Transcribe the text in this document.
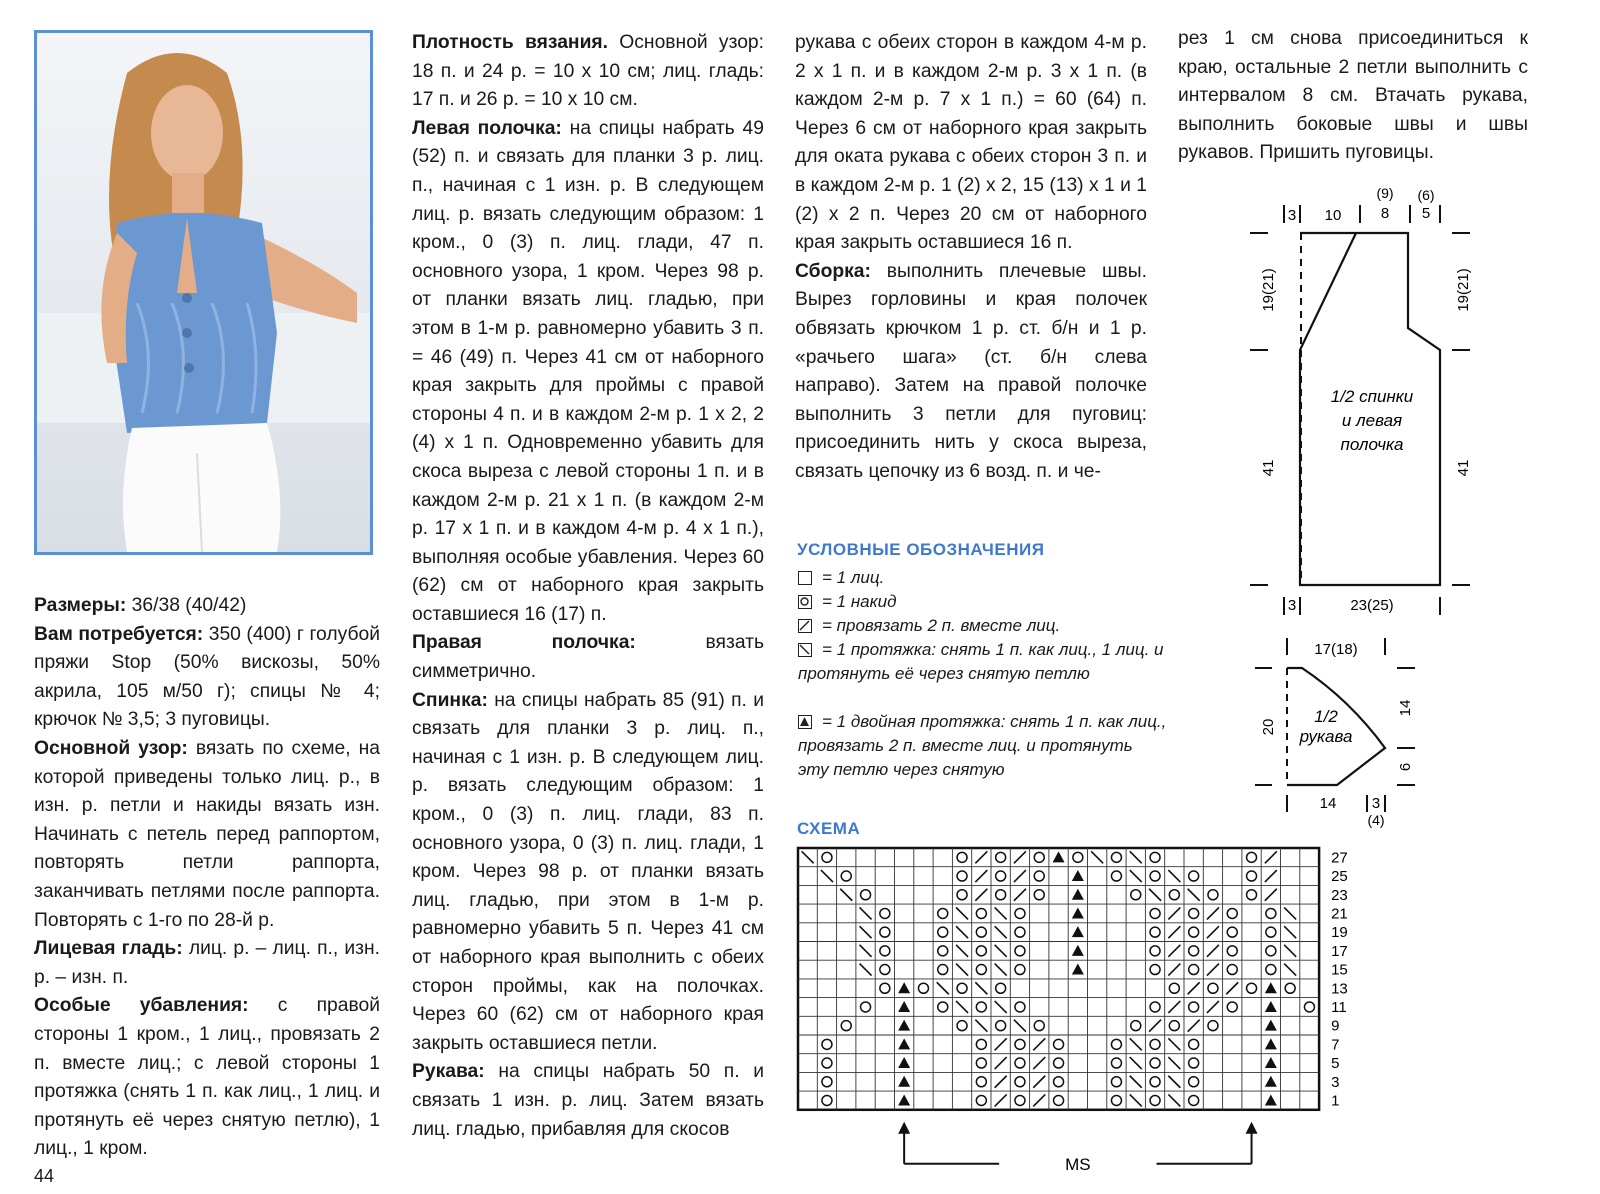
Размеры: 36/38 (40/42)

Вам потребуется: 350 (400) г голубой пряжи Stop (50% вискозы, 50% акрила, 105 м/50 г); спицы № 4; крючок № 3,5; 3 пуговицы.

Основной узор: вязать по схеме, на которой приведены только лиц. р., в изн. р. петли и накиды вязать изн. Начинать с петель перед раппортом, повторять петли раппорта, заканчивать петлями после раппорта. Повторять с 1-го по 28-й р.

Лицевая гладь: лиц. р. – лиц. п., изн. р. – изн. п.

Особые убавления: с правой стороны 1 кром., 1 лиц., провязать 2 п. вместе лиц.; с левой стороны 1 протяжка (снять 1 п. как лиц., 1 лиц. и протянуть её через снятую петлю), 1 лиц., 1 кром.

Плотность вязания. Основной узор: 18 п. и 24 р. = 10 х 10 см; лиц. гладь: 17 п. и 26 р. = 10 х 10 см.

Левая полочка: на спицы набрать 49 (52) п. и связать для планки 3 р. лиц. п., начиная с 1 изн. р. В следующем лиц. р. вязать следующим образом: 1 кром., 0 (3) п. лиц. глади, 47 п. основного узора, 1 кром. Через 98 р. от планки вязать лиц. гладью, при этом в 1-м р. равномерно убавить 3 п. = 46 (49) п. Через 41 см от наборного края закрыть для проймы с правой стороны 4 п. и в каждом 2-м р. 1 х 2, 2 (4) х 1 п. Одновременно убавить для скоса выреза с левой стороны 1 п. и в каждом 2-м р. 21 х 1 п. (в каждом 2-м р. 17 х 1 п. и в каждом 4-м р. 4 х 1 п.), выполняя особые убавления. Через 60 (62) см от наборного края закрыть оставшиеся 16 (17) п.

Правая полочка: вязать симметрично.

Спинка: на спицы набрать 85 (91) п. и связать для планки 3 р. лиц. п., начиная с 1 изн. р. В следующем лиц. р. вязать следующим образом: 1 кром., 0 (3) п. лиц. глади, 83 п. основного узора, 0 (3) п. лиц. глади, 1 кром. Через 98 р. от планки вязать лиц. гладью, при этом в 1-м р. равномерно убавить 5 п. Через 41 см от наборного края выполнить с обеих сторон проймы, как на полочках. Через 60 (62) см от наборного края закрыть оставшиеся петли.

Рукава: на спицы набрать 50 п. и связать 1 изн. р. лиц. Затем вязать лиц. гладью, прибавляя для скосов

рукава с обеих сторон в каждом 4-м р. 2 х 1 п. и в каждом 2-м р. 3 х 1 п. (в каждом 2-м р. 7 х 1 п.) = 60 (64) п. Через 6 см от наборного края закрыть для оката рукава с обеих сторон 3 п. и в каждом 2-м р. 1 (2) х 2, 15 (13) х 1 и 1 (2) х 2 п. Через 20 см от наборного края закрыть оставшиеся 16 п.

Сборка: выполнить плечевые швы. Вырез горловины и края полочек обвязать крючком 1 р. ст. б/н и 1 р. «рачьего шага» (ст. б/н слева направо). Затем на правой полочке выполнить 3 петли для пуговиц: присоединить нить у скоса выреза, связать цепочку из 6 возд. п. и че-

рез 1 см снова присоединиться к краю, остальные 2 петли выполнить с интервалом 8 см. Втачать рукава, выполнить боковые швы и швы рукавов. Пришить пуговицы.

УСЛОВНЫЕ ОБОЗНАЧЕНИЯ
= 1 лиц.
= 1 накид
= провязать 2 п. вместе лиц.
= 1 протяжка: снять 1 п. как лиц., 1 лиц. и протянуть её через снятую петлю
= 1 двойная протяжка: снять 1 п. как лиц., провязать 2 п. вместе лиц. и протянуть эту петлю через снятую
СХЕМА
27
25
23
21
19
17
15
13
11
9
7
5
3
1
MS
3 10
(9)
8
(6)
5
19(21)
41
19(21)
41
3	23(25)
1/2 спинки
и левая
полочка
17(18)
20
14
6
14 3
(4)
1/2
рукава
44
